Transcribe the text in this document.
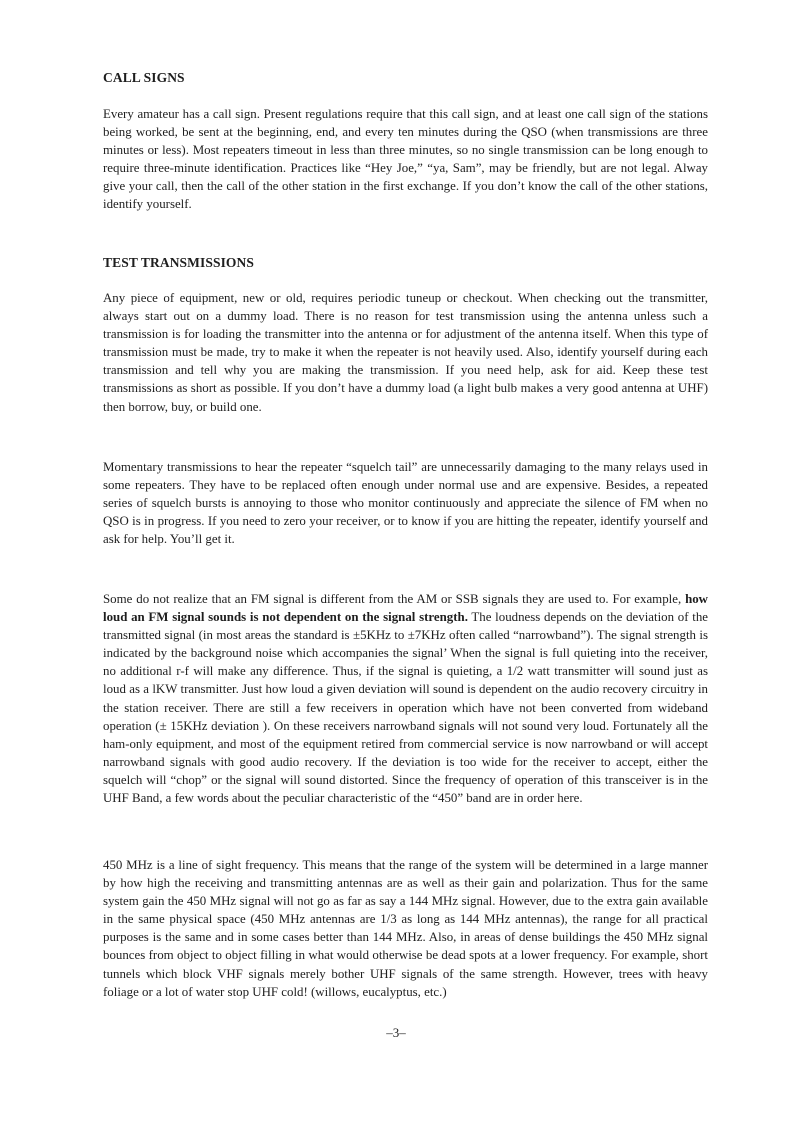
CALL SIGNS

Every amateur has a call sign. Present regulations require that this call sign, and at least one call sign of the stations being worked, be sent at the beginning, end, and every ten minutes during the QSO (when transmissions are three minutes or less). Most repeaters timeout in less than three minutes, so no single transmission can be long enough to require three-minute identification. Practices like “Hey Joe,” “ya, Sam”, may be friendly, but are not legal. Alway give your call, then the call of the other station in the first exchange. If you don’t know the call of the other stations, identify yourself.

TEST TRANSMISSIONS

Any piece of equipment, new or old, requires periodic tuneup or checkout. When checking out the transmitter, always start out on a dummy load. There is no reason for test transmission using the antenna unless such a transmission is for loading the transmitter into the antenna or for adjustment of the antenna itself. When this type of transmission must be made, try to make it when the repeater is not heavily used. Also, identify yourself during each transmission and tell why you are making the transmission. If you need help, ask for aid. Keep these test transmissions as short as possible. If you don’t have a dummy load (a light bulb makes a very good antenna at UHF) then borrow, buy, or build one.

Momentary transmissions to hear the repeater “squelch tail” are unnecessarily damaging to the many relays used in some repeaters. They have to be replaced often enough under normal use and are expensive. Besides, a repeated series of squelch bursts is annoying to those who monitor continuously and appreciate the silence of FM when no QSO is in progress. If you need to zero your receiver, or to know if you are hitting the repeater, identify yourself and ask for help. You’ll get it.

Some do not realize that an FM signal is different from the AM or SSB signals they are used to. For example, how loud an FM signal sounds is not dependent on the signal strength. The loudness depends on the deviation of the transmitted signal (in most areas the standard is ±5KHz to ±7KHz often called “narrowband”). The signal strength is indicated by the background noise which accompanies the signal’ When the signal is full quieting into the receiver, no additional r-f will make any difference. Thus, if the signal is quieting, a 1/2 watt transmitter will sound just as loud as a lKW transmitter. Just how loud a given deviation will sound is dependent on the audio recovery circuitry in the station receiver. There are still a few receivers in operation which have not been converted from wideband operation (± 15KHz deviation ). On these receivers narrowband signals will not sound very loud. Fortunately all the ham-only equipment, and most of the equipment retired from commercial service is now narrowband or will accept narrowband signals with good audio recovery. If the deviation is too wide for the receiver to accept, either the squelch will “chop” or the signal will sound distorted. Since the frequency of operation of this transceiver is in the UHF Band, a few words about the peculiar characteristic of the “450” band are in order here.

450 MHz is a line of sight frequency. This means that the range of the system will be determined in a large manner by how high the receiving and transmitting antennas are as well as their gain and polarization. Thus for the same system gain the 450 MHz signal will not go as far as say a 144 MHz signal. However, due to the extra gain available in the same physical space (450 MHz antennas are 1/3 as long as 144 MHz antennas), the range for all practical purposes is the same and in some cases better than 144 MHz. Also, in areas of dense buildings the 450 MHz signal bounces from object to object filling in what would otherwise be dead spots at a lower frequency. For example, short tunnels which block VHF signals merely bother UHF signals of the same strength. However, trees with heavy foliage or a lot of water stop UHF cold! (willows, eucalyptus, etc.)

–3–
